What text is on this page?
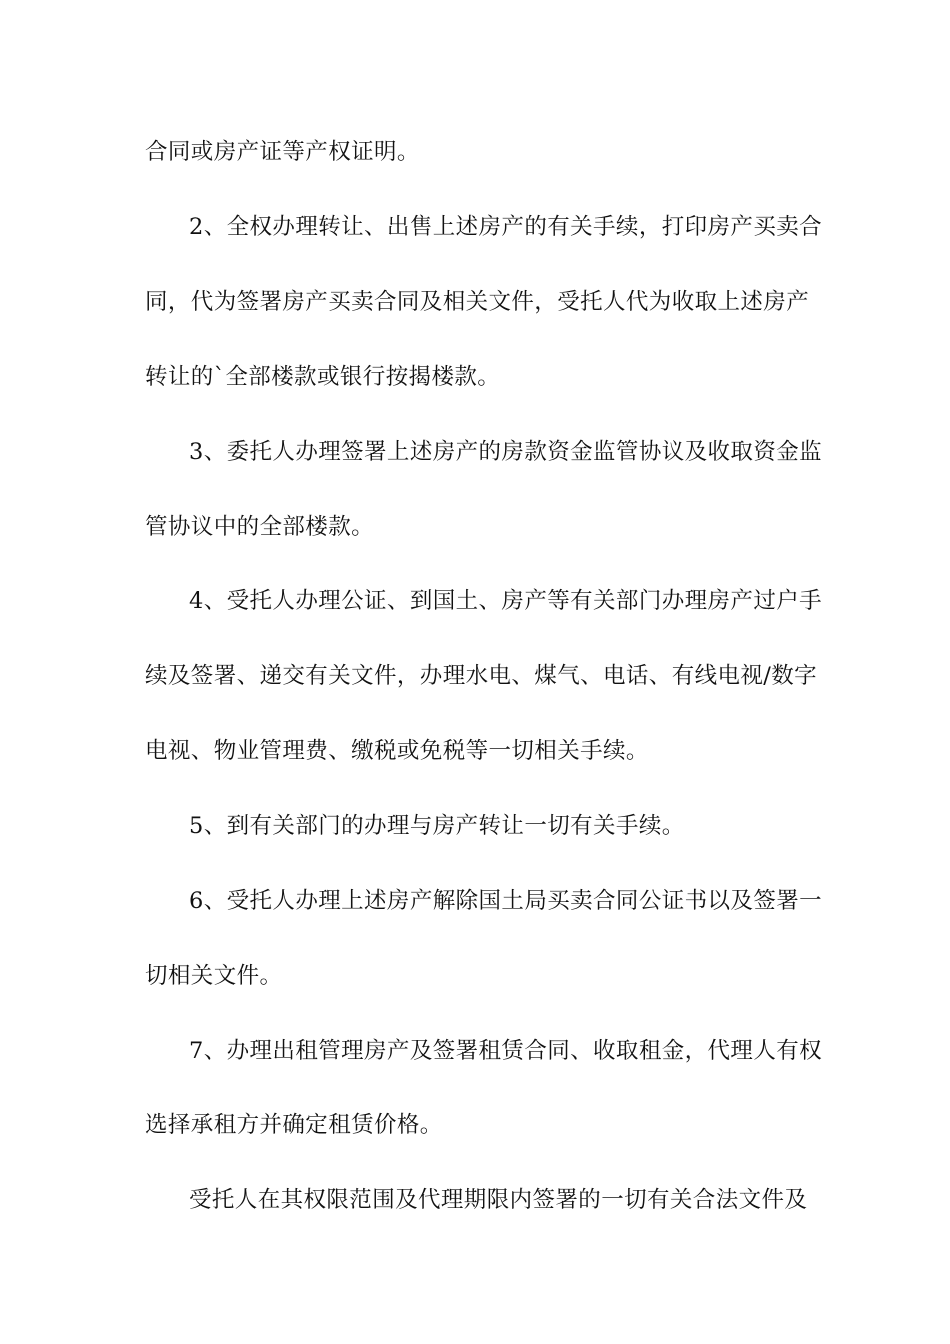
合同或房产证等产权证明。
2、全权办理转让、出售上述房产的有关手续，打印房产买卖合
同，代为签署房产买卖合同及相关文件，受托人代为收取上述房产
转让的`全部楼款或银行按揭楼款。
3、委托人办理签署上述房产的房款资金监管协议及收取资金监
管协议中的全部楼款。
4、受托人办理公证、到国土、房产等有关部门办理房产过户手
续及签署、递交有关文件，办理水电、煤气、电话、有线电视/数字
电视、物业管理费、缴税或免税等一切相关手续。
5、到有关部门的办理与房产转让一切有关手续。
6、受托人办理上述房产解除国土局买卖合同公证书以及签署一
切相关文件。
7、办理出租管理房产及签署租赁合同、收取租金，代理人有权
选择承租方并确定租赁价格。
受托人在其权限范围及代理期限内签署的一切有关合法文件及
